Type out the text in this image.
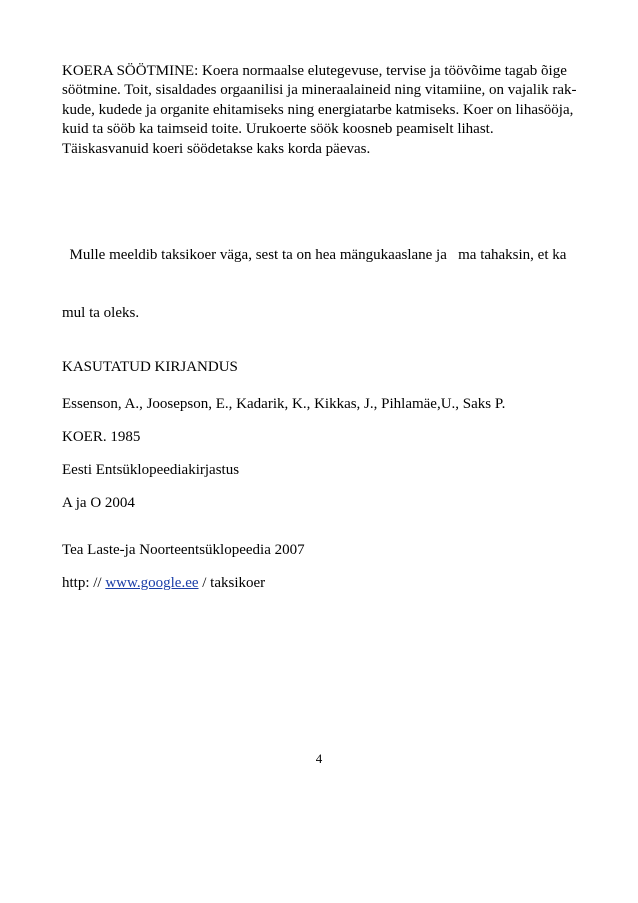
KOERA SÖÖTMINE: Koera normaalse elutegevuse, tervise ja töövõime tagab õige
söötmine. Toit, sisaldades orgaanilisi ja mineraalaineid ning vitamiine, on vajalik rak-
kude, kudede ja organite ehitamiseks ning energiatarbe katmiseks. Koer on lihasööja,
kuid ta sööb ka taimseid toite. Urukoerte söök koosneb peamiselt lihast.
Täiskasvanuid koeri söödetakse kaks korda päevas.

Mulle meeldib taksikoer väga, sest ta on hea mängukaaslane ja   ma tahaksin, et ka

mul ta oleks.

KASUTATUD KIRJANDUS

Essenson, A., Joosepson, E., Kadarik, K., Kikkas, J., Pihlamäe,U., Saks P.

KOER. 1985

Eesti Entsüklopeediakirjastus

A ja O 2004

Tea Laste-ja Noorteentsüklopeedia 2007

http: // www.google.ee / taksikoer

4
